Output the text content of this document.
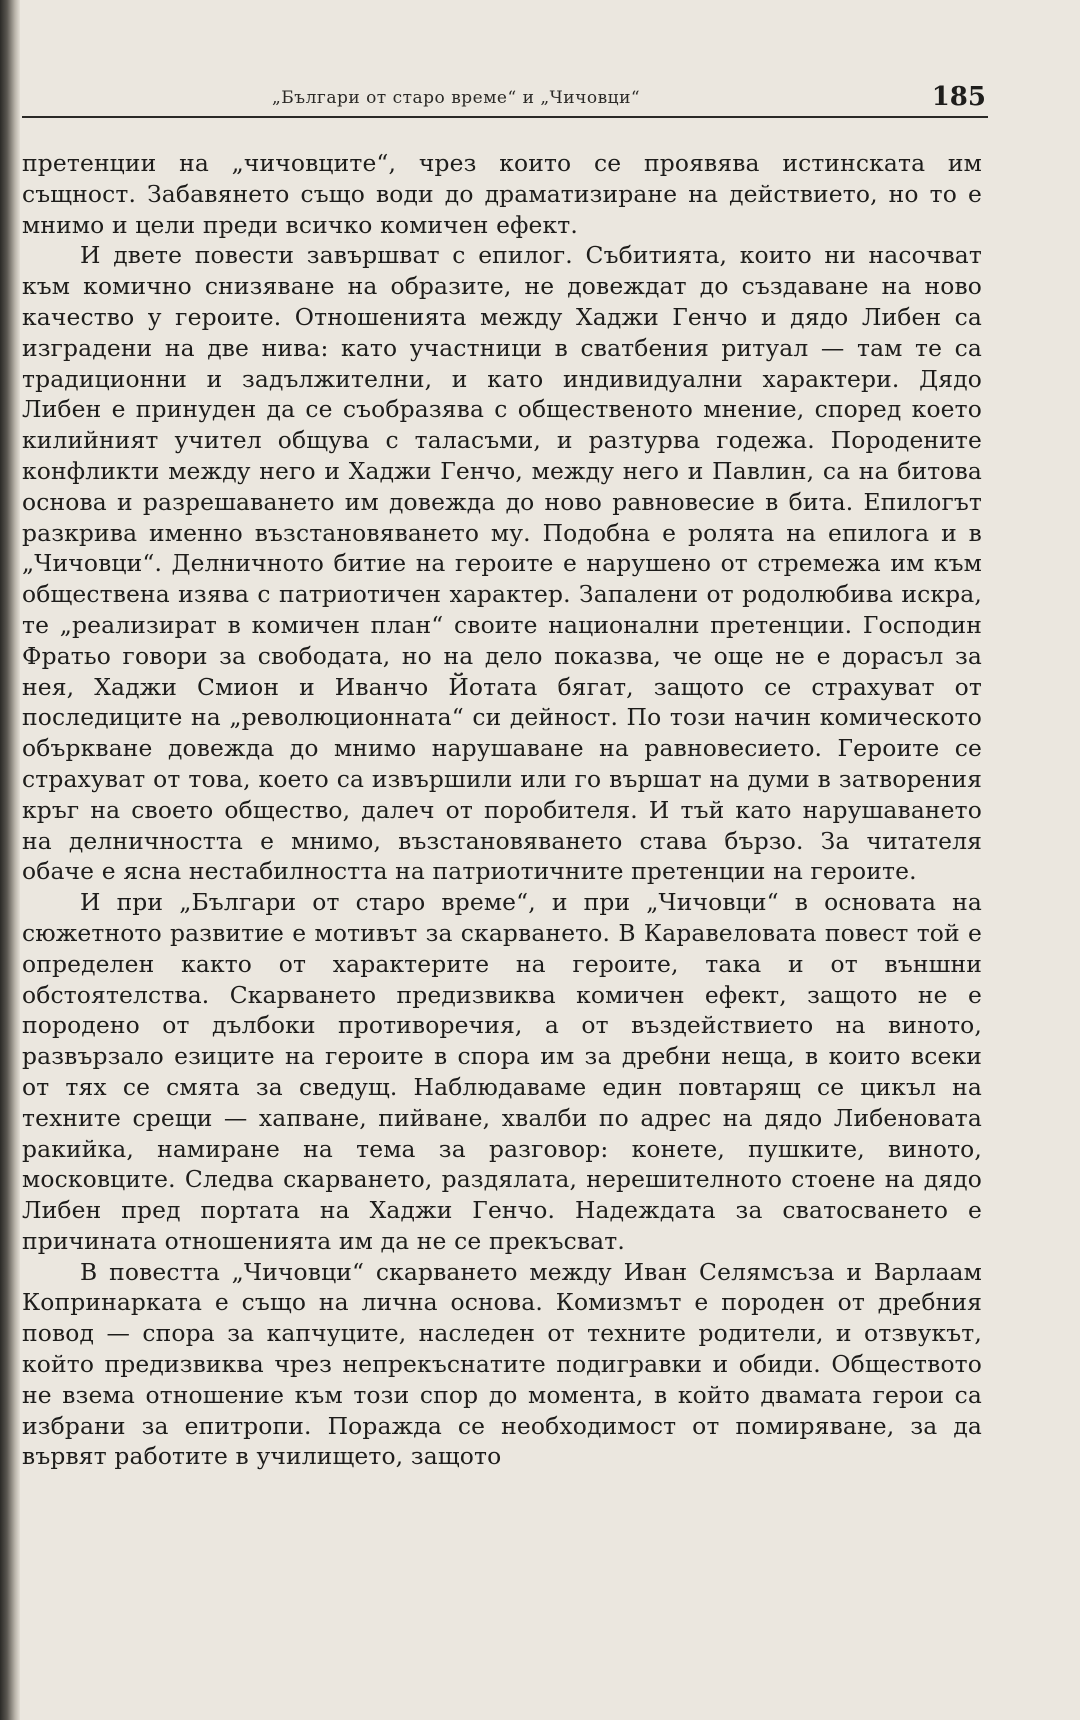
„Българи от старо време“ и „Чичовци“	185

претенции на „чичовците“, чрез които се проявява истинската им същност. Забавянето също води до драматизиране на действието, но то е мнимо и цели преди всичко комичен ефект.

И двете повести завършват с епилог. Събитията, които ни насочват към комично снизяване на образите, не довеждат до създаване на ново качество у героите. Отношенията между Хаджи Генчо и дядо Либен са изградени на две нива: като участници в сватбения ритуал — там те са традиционни и задължителни, и като индивидуални характери. Дядо Либен е принуден да се съобразява с общественото мнение, според което килийният учител общува с таласъми, и разтурва годежа. Породените конфликти между него и Хаджи Генчо, между него и Павлин, са на битова основа и разрешаването им довежда до ново равновесие в бита. Епилогът разкрива именно възстановяването му. Подобна е ролята на епилога и в „Чичовци“. Делничното битие на героите е нарушено от стремежа им към обществена изява с патриотичен характер. Запалени от родолюбива искра, те „реализират в комичен план“ своите национални претенции. Господин Фратьо говори за свободата, но на дело показва, че още не е дорасъл за нея, Хаджи Смион и Иванчо Йотата бягат, защото се страхуват от последиците на „революционната“ си дейност. По този начин комическото объркване довежда до мнимо нарушаване на равновесието. Героите се страхуват от това, което са извършили или го вършат на думи в затворения кръг на своето общество, далеч от поробителя. И тъй като нарушаването на делничността е мнимо, възстановяването става бързо. За читателя обаче е ясна нестабилността на патриотичните претенции на героите.

И при „Българи от старо време“, и при „Чичовци“ в основата на сюжетното развитие е мотивът за скарването. В Каравеловата повест той е определен както от характерите на героите, така и от външни обстоятелства. Скарването предизвиква комичен ефект, защото не е породено от дълбоки противоречия, а от въздействието на виното, развързало езиците на героите в спора им за дребни неща, в които всеки от тях се смята за сведущ. Наблюдаваме един повтарящ се цикъл на техните срещи — хапване, пийване, хвалби по адрес на дядо Либеновата ракийка, намиране на тема за разговор: конете, пушките, виното, московците. Следва скарването, раздялата, нерешителното стоене на дядо Либен пред портата на Хаджи Генчо. Надеждата за сватосването е причината отношенията им да не се прекъсват.

В повестта „Чичовци“ скарването между Иван Селямсъза и Варлаам Копринарката е също на лична основа. Комизмът е породен от дребния повод — спора за капчуците, наследен от техните родители, и отзвукът, който предизвиква чрез непрекъснатите подигравки и обиди. Обществото не взема отношение към този спор до момента, в който двамата герои са избрани за епитропи. Поражда се необходимост от помиряване, за да вървят работите в училището, защото
